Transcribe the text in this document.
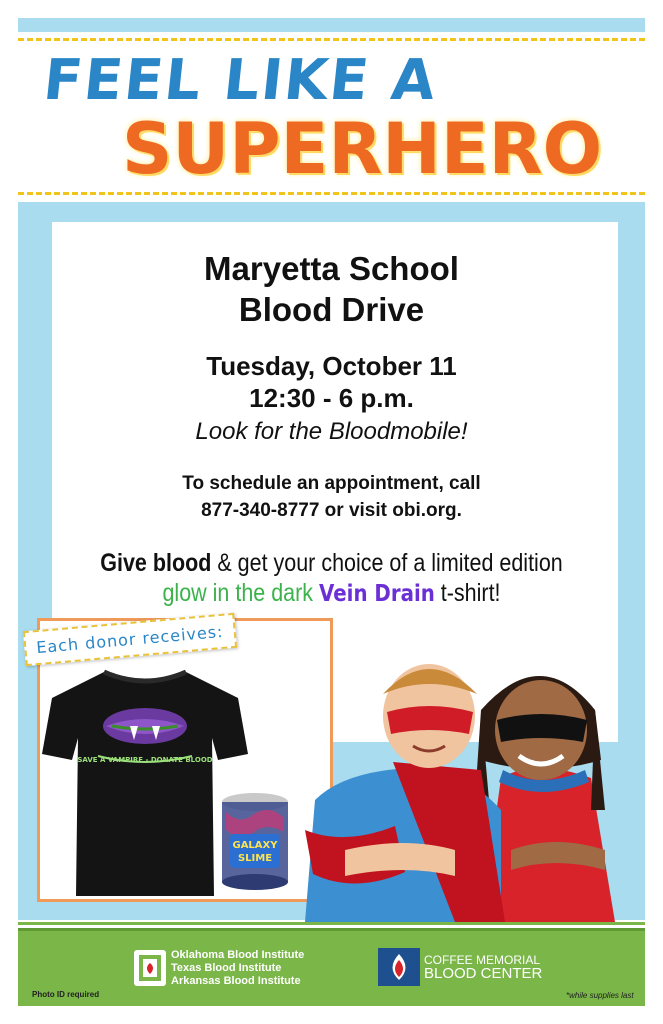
FEEL LIKE A
SUPERHERO
Maryetta School
Blood Drive
Tuesday, October 11
12:30 - 6 p.m.
Look for the Bloodmobile!
To schedule an appointment, call
877-340-8777 or visit obi.org.
Give blood & get your choice of a limited edition
glow in the dark Vein Drain t-shirt!
Each donor receives:
SAVE A VAMPIRE - DONATE BLOOD
GALAXY
SLIME
Oklahoma Blood Institute
Texas Blood Institute
Arkansas Blood Institute
COFFEE MEMORIAL
BLOOD CENTER
Photo ID required	*while supplies last
